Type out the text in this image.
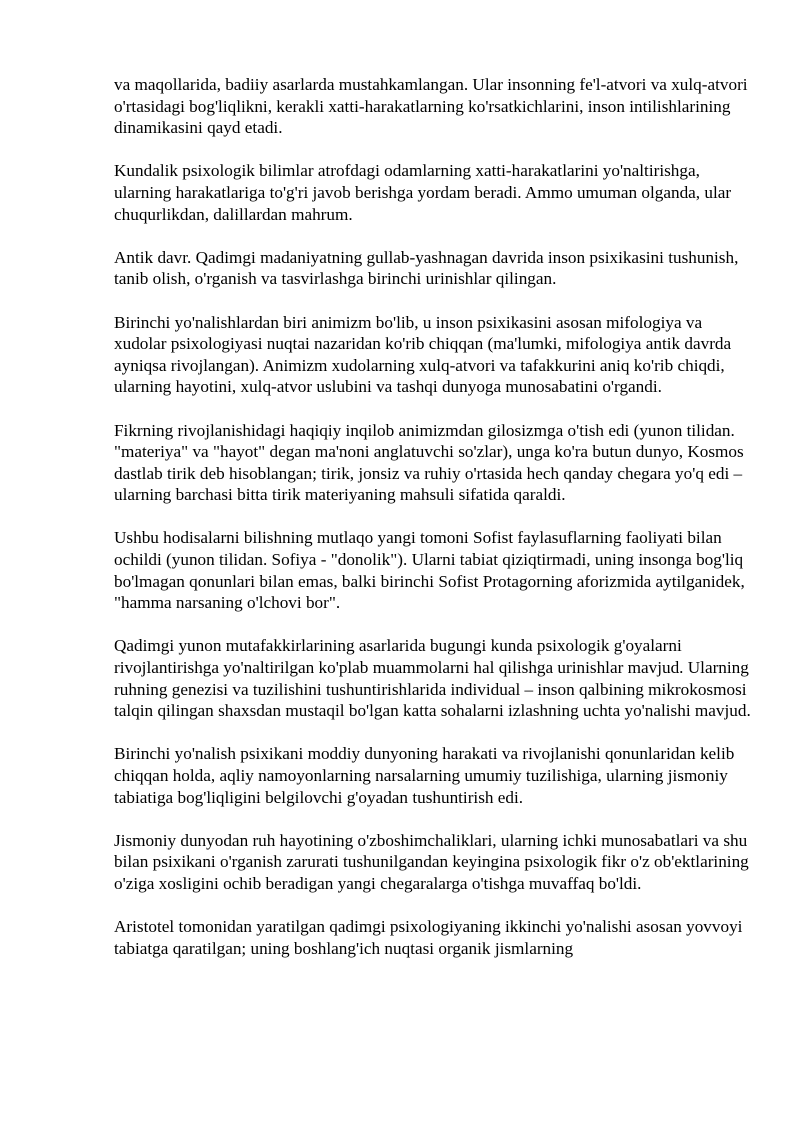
va maqollarida, badiiy asarlarda mustahkamlangan. Ular insonning fe'l-atvori va xulq-atvori o'rtasidagi bog'liqlikni, kerakli xatti-harakatlarning ko'rsatkichlarini, inson intilishlarining dinamikasini qayd etadi.

Kundalik psixologik bilimlar atrofdagi odamlarning xatti-harakatlarini yo'naltirishga, ularning harakatlariga to'g'ri javob berishga yordam beradi. Ammo umuman olganda, ular chuqurlikdan, dalillardan mahrum.

Antik davr. Qadimgi madaniyatning gullab-yashnagan davrida inson psixikasini tushunish, tanib olish, o'rganish va tasvirlashga birinchi urinishlar qilingan.

Birinchi yo'nalishlardan biri animizm bo'lib, u inson psixikasini asosan mifologiya va xudolar psixologiyasi nuqtai nazaridan ko'rib chiqqan (ma'lumki, mifologiya antik davrda ayniqsa rivojlangan). Animizm xudolarning xulq-atvori va tafakkurini aniq ko'rib chiqdi, ularning hayotini, xulq-atvor uslubini va tashqi dunyoga munosabatini o'rgandi.

Fikrning rivojlanishidagi haqiqiy inqilob animizmdan gilosizmga o'tish edi (yunon tilidan. "materiya" va "hayot" degan ma'noni anglatuvchi so'zlar), unga ko'ra butun dunyo, Kosmos dastlab tirik deb hisoblangan; tirik, jonsiz va ruhiy o'rtasida hech qanday chegara yo'q edi – ularning barchasi bitta tirik materiyaning mahsuli sifatida qaraldi.

Ushbu hodisalarni bilishning mutlaqo yangi tomoni Sofist faylasuflarning faoliyati bilan ochildi (yunon tilidan. Sofiya - "donolik"). Ularni tabiat qiziqtirmadi, uning insonga bog'liq bo'lmagan qonunlari bilan emas, balki birinchi Sofist Protagorning aforizmida aytilganidek, "hamma narsaning o'lchovi bor".

Qadimgi yunon mutafakkirlarining asarlarida bugungi kunda psixologik g'oyalarni rivojlantirishga yo'naltirilgan ko'plab muammolarni hal qilishga urinishlar mavjud. Ularning ruhning genezisi va tuzilishini tushuntirishlarida individual – inson qalbining mikrokosmosi talqin qilingan shaxsdan mustaqil bo'lgan katta sohalarni izlashning uchta yo'nalishi mavjud.

Birinchi yo'nalish psixikani moddiy dunyoning harakati va rivojlanishi qonunlaridan kelib chiqqan holda, aqliy namoyonlarning narsalarning umumiy tuzilishiga, ularning jismoniy tabiatiga bog'liqligini belgilovchi g'oyadan tushuntirish edi.

Jismoniy dunyodan ruh hayotining o'zboshimchaliklari, ularning ichki munosabatlari va shu bilan psixikani o'rganish zarurati tushunilgandan keyingina psixologik fikr o'z ob'ektlarining o'ziga xosligini ochib beradigan yangi chegaralarga o'tishga muvaffaq bo'ldi.

Aristotel tomonidan yaratilgan qadimgi psixologiyaning ikkinchi yo'nalishi asosan yovvoyi tabiatga qaratilgan; uning boshlang'ich nuqtasi organik jismlarning
